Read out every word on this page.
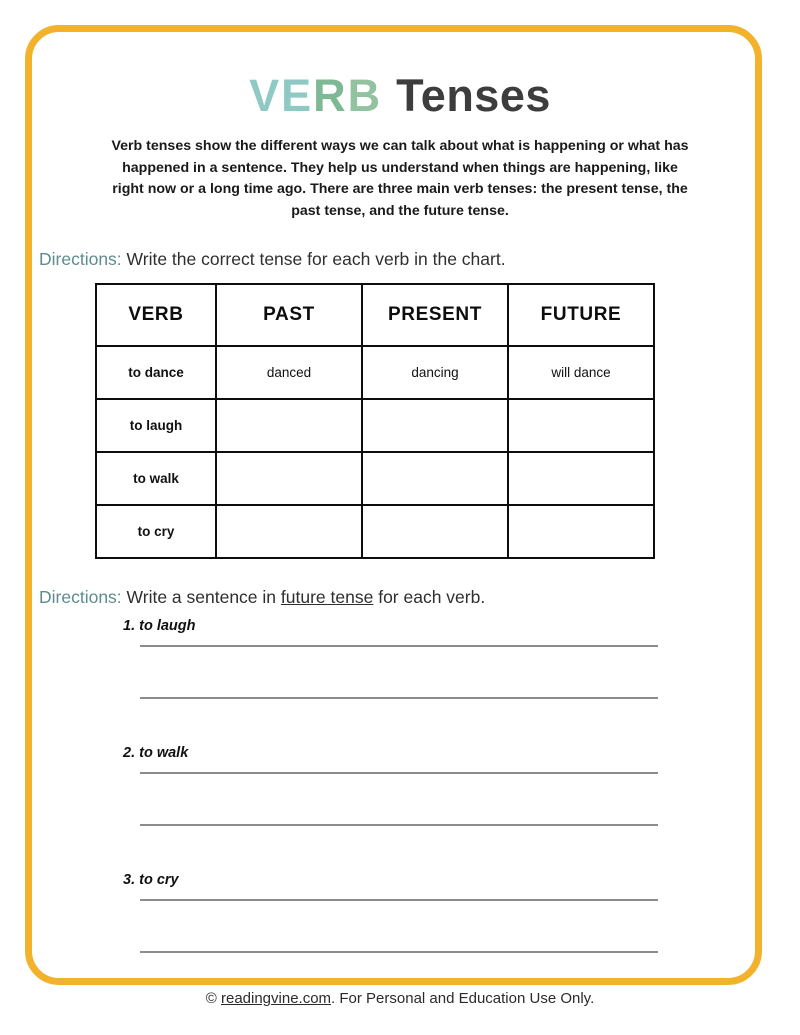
VERB Tenses

Verb tenses show the different ways we can talk about what is happening or what has happened in a sentence. They help us understand when things are happening, like right now or a long time ago. There are three main verb tenses: the present tense, the past tense, and the future tense.

Directions: Write the correct tense for each verb in the chart.

VERB	PAST	PRESENT	FUTURE
to dance	danced	dancing	will dance
to laugh			
to walk			
to cry			

Directions: Write a sentence in future tense for each verb.

1. to laugh
2. to walk
3. to cry
© readingvine.com. For Personal and Education Use Only.
